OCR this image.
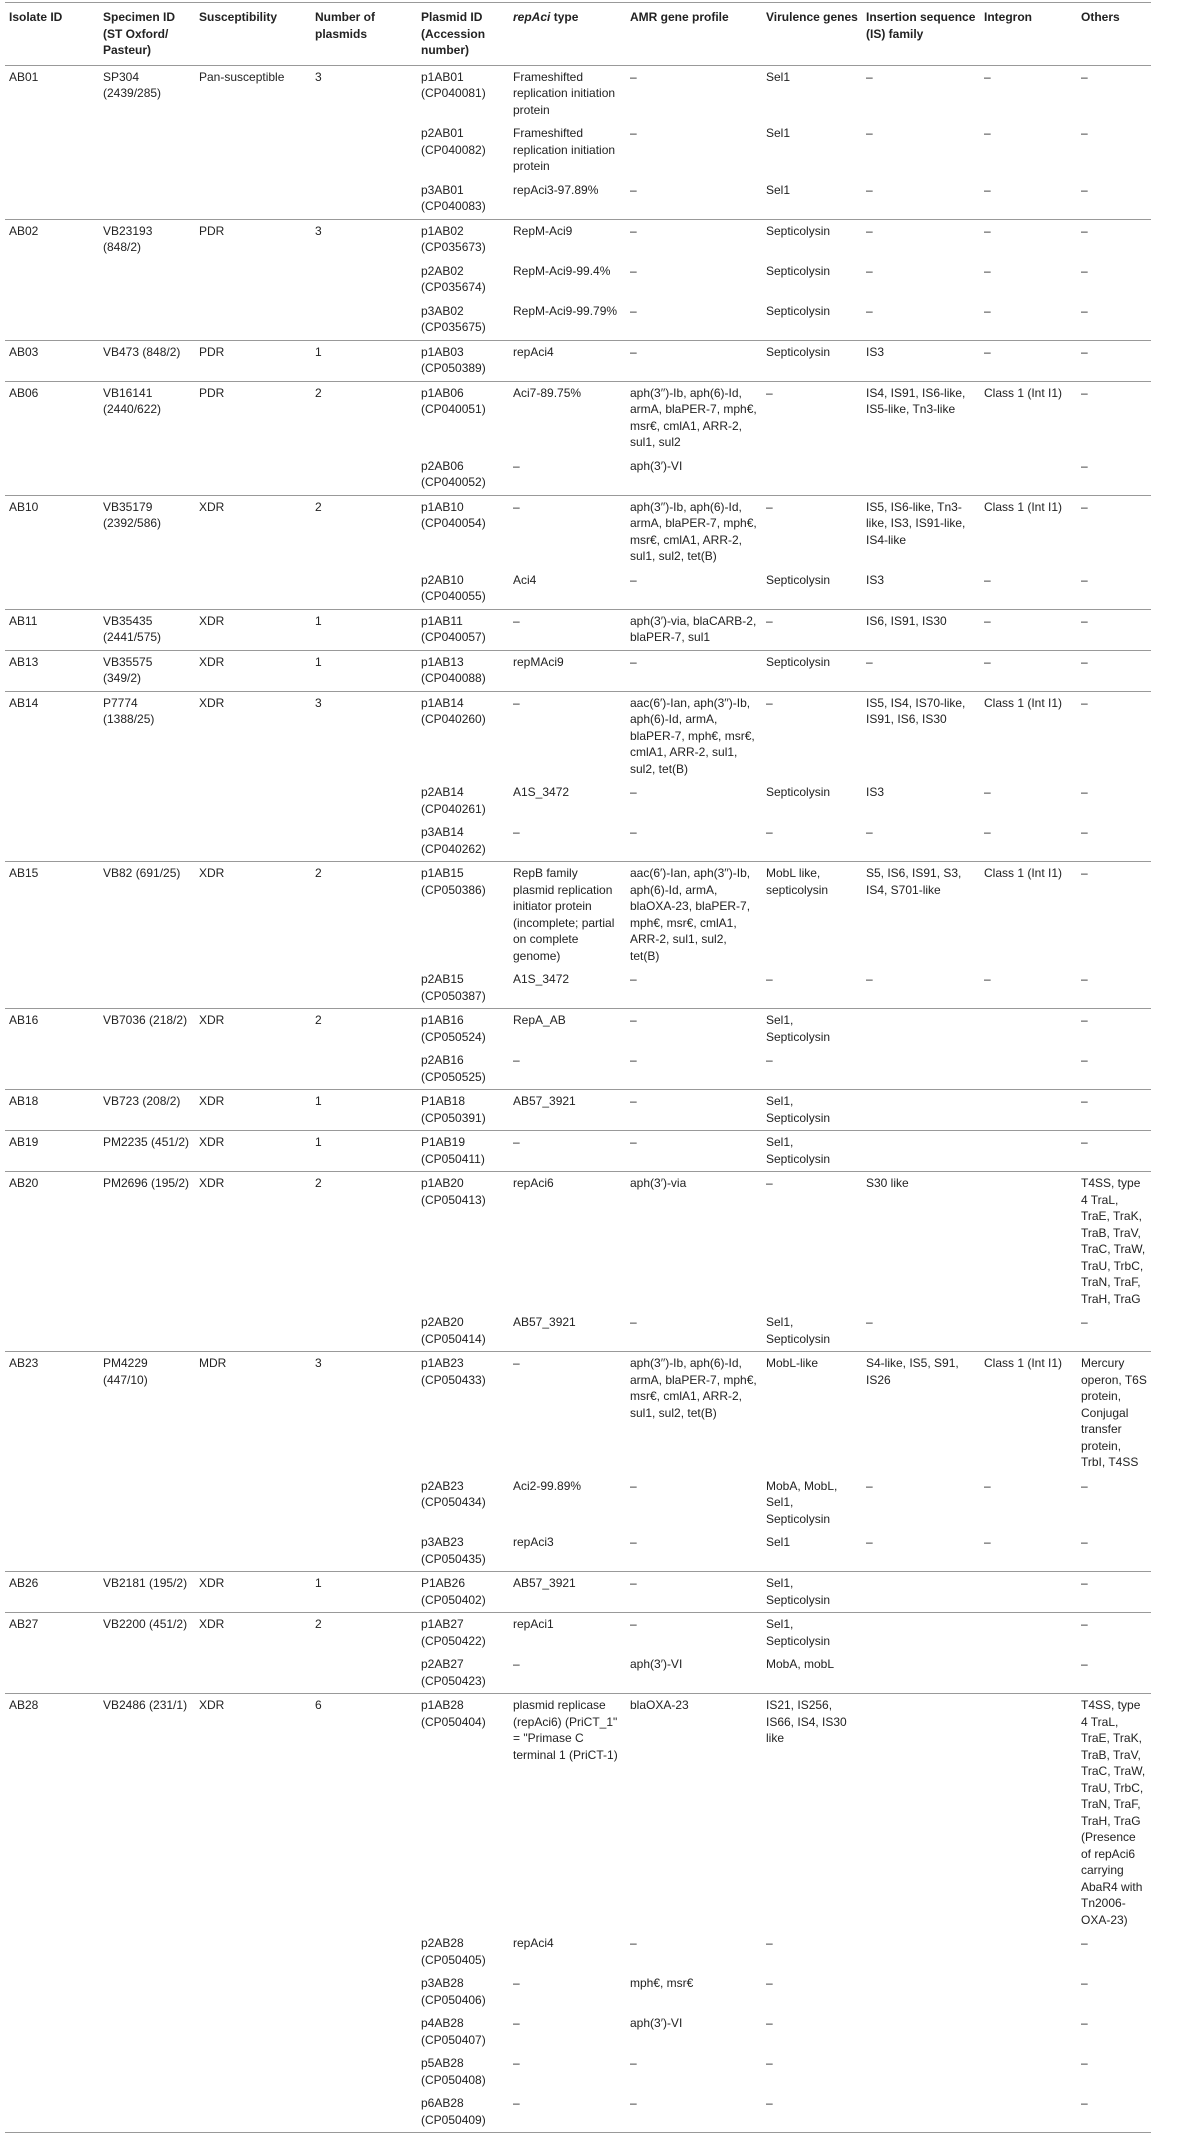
Isolate ID	Specimen ID (ST Oxford/ Pasteur)	Susceptibility	Number of plasmids	Plasmid ID (Accession number)	repAci type	AMR gene profile	Virulence genes	Insertion sequence (IS) family	Integron	Others
AB01	SP304 (2439/285)	Pan-susceptible	3	p1AB01 (CP040081)	Frameshifted replication initiation protein	–	Sel1	–	–	–
				p2AB01 (CP040082)	Frameshifted replication initiation protein	–	Sel1	–	–	–
				p3AB01 (CP040083)	repAci3-97.89%	–	Sel1	–	–	–
AB02	VB23193 (848/2)	PDR	3	p1AB02 (CP035673)	RepM-Aci9	–	Septicolysin	–	–	–
				p2AB02 (CP035674)	RepM-Aci9-99.4%	–	Septicolysin	–	–	–
				p3AB02 (CP035675)	RepM-Aci9-99.79%	–	Septicolysin	–	–	–
AB03	VB473 (848/2)	PDR	1	p1AB03 (CP050389)	repAci4	–	Septicolysin	IS3	–	–
AB06	VB16141 (2440/622)	PDR	2	p1AB06 (CP040051)	Aci7-89.75%	aph(3′′)-Ib, aph(6)-Id, armA, blaPER-7, mph€, msr€, cmlA1, ARR-2, sul1, sul2	–	IS4, IS91, IS6-like, IS5-like, Tn3-like	Class 1 (Int I1)	–
				p2AB06 (CP040052)	–	aph(3′)-VI				–
AB10	VB35179 (2392/586)	XDR	2	p1AB10 (CP040054)	–	aph(3′′)-Ib, aph(6)-Id, armA, blaPER-7, mph€, msr€, cmlA1, ARR-2, sul1, sul2, tet(B)	–	IS5, IS6-like, Tn3-like, IS3, IS91-like, IS4-like	Class 1 (Int I1)	–
				p2AB10 (CP040055)	Aci4	–	Septicolysin	IS3	–	–
AB11	VB35435 (2441/575)	XDR	1	p1AB11 (CP040057)	–	aph(3′)-via, blaCARB-2, blaPER-7, sul1	–	IS6, IS91, IS30	–	–
AB13	VB35575 (349/2)	XDR	1	p1AB13 (CP040088)	repMAci9	–	Septicolysin	–	–	–
AB14	P7774 (1388/25)	XDR	3	p1AB14 (CP040260)	–	aac(6′)-Ian, aph(3′′)-Ib, aph(6)-Id, armA, blaPER-7, mph€, msr€, cmlA1, ARR-2, sul1, sul2, tet(B)	–	IS5, IS4, IS70-like, IS91, IS6, IS30	Class 1 (Int I1)	–
				p2AB14 (CP040261)	A1S_3472	–	Septicolysin	IS3	–	–
				p3AB14 (CP040262)	–	–	–	–	–	–
AB15	VB82 (691/25)	XDR	2	p1AB15 (CP050386)	RepB family plasmid replication initiator protein (incomplete; partial on complete genome)	aac(6′)-Ian, aph(3′′)-Ib, aph(6)-Id, armA, blaOXA-23, blaPER-7, mph€, msr€, cmlA1, ARR-2, sul1, sul2, tet(B)	MobL like, septicolysin	S5, IS6, IS91, S3, IS4, S701-like	Class 1 (Int I1)	–
				p2AB15 (CP050387)	A1S_3472	–	–	–	–	–
AB16	VB7036 (218/2)	XDR	2	p1AB16 (CP050524)	RepA_AB	–	Sel1, Septicolysin			–
				p2AB16 (CP050525)	–	–	–			–
AB18	VB723 (208/2)	XDR	1	P1AB18 (CP050391)	AB57_3921	–	Sel1, Septicolysin			–
AB19	PM2235 (451/2)	XDR	1	P1AB19 (CP050411)	–	–	Sel1, Septicolysin			–
AB20	PM2696 (195/2)	XDR	2	p1AB20 (CP050413)	repAci6	aph(3′)-via	–	S30 like		T4SS, type 4 TraL, TraE, TraK, TraB, TraV, TraC, TraW, TraU, TrbC, TraN, TraF, TraH, TraG
				p2AB20 (CP050414)	AB57_3921	–	Sel1, Septicolysin	–		–
AB23	PM4229 (447/10)	MDR	3	p1AB23 (CP050433)	–	aph(3′′)-Ib, aph(6)-Id, armA, blaPER-7, mph€, msr€, cmlA1, ARR-2, sul1, sul2, tet(B)	MobL-like	S4-like, IS5, S91, IS26	Class 1 (Int I1)	Mercury operon, T6S protein, Conjugal transfer protein, TrbI, T4SS
				p2AB23 (CP050434)	Aci2-99.89%	–	MobA, MobL, Sel1, Septicolysin	–	–	–
				p3AB23 (CP050435)	repAci3	–	Sel1	–	–	–
AB26	VB2181 (195/2)	XDR	1	P1AB26 (CP050402)	AB57_3921	–	Sel1, Septicolysin			–
AB27	VB2200 (451/2)	XDR	2	p1AB27 (CP050422)	repAci1	–	Sel1, Septicolysin			–
				p2AB27 (CP050423)	–	aph(3′)-VI	MobA, mobL			–
AB28	VB2486 (231/1)	XDR	6	p1AB28 (CP050404)	plasmid replicase (repAci6) (PriCT_1" = "Primase C terminal 1 (PriCT-1)	blaOXA-23	IS21, IS256, IS66, IS4, IS30 like			T4SS, type 4 TraL, TraE, TraK, TraB, TraV, TraC, TraW, TraU, TrbC, TraN, TraF, TraH, TraG (Presence of repAci6 carrying AbaR4 with Tn2006-OXA-23)
				p2AB28 (CP050405)	repAci4	–	–			–
				p3AB28 (CP050406)	–	mph€, msr€	–			–
				p4AB28 (CP050407)	–	aph(3′)-VI	–			–
				p5AB28 (CP050408)	–	–	–			–
				p6AB28 (CP050409)	–	–	–			–
